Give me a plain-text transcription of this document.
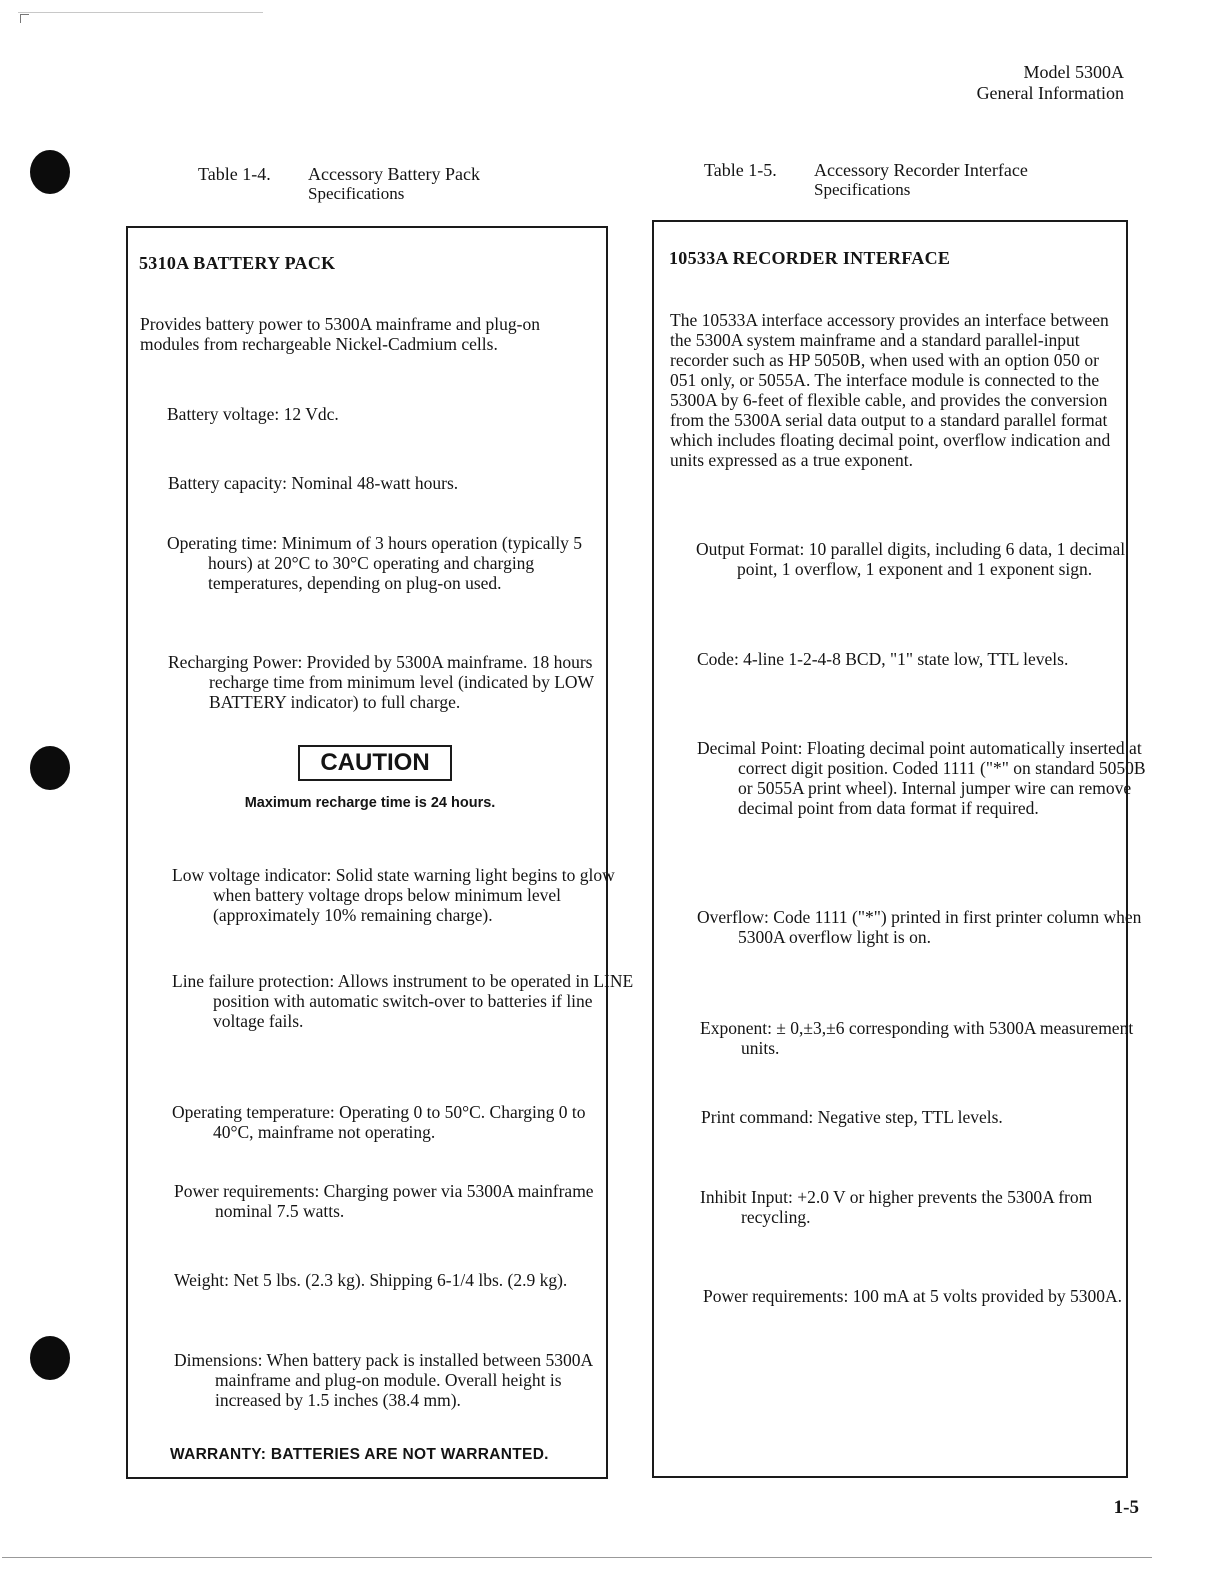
Model 5300A
General Information
Table 1-4. Accessory Battery Pack
Specifications
Table 1-5. Accessory Recorder Interface
Specifications
5310A BATTERY PACK
Provides battery power to 5300A mainframe and plug-on modules from rechargeable Nickel-Cadmium cells.
Battery voltage: 12 Vdc.
Battery capacity: Nominal 48-watt hours.
Operating time: Minimum of 3 hours operation (typically 5 hours) at 20°C to 30°C operating and charging temperatures, depending on plug-on used.
Recharging Power: Provided by 5300A mainframe. 18 hours recharge time from minimum level (indicated by LOW BATTERY indicator) to full charge.
CAUTION
Maximum recharge time is 24 hours.
Low voltage indicator: Solid state warning light begins to glow when battery voltage drops below minimum level (approximately 10% remaining charge).
Line failure protection: Allows instrument to be operated in LINE position with automatic switch-over to batteries if line voltage fails.
Operating temperature: Operating 0 to 50°C. Charging 0 to 40°C, mainframe not operating.
Power requirements: Charging power via 5300A mainframe nominal 7.5 watts.
Weight: Net 5 lbs. (2.3 kg). Shipping 6-1/4 lbs. (2.9 kg).
Dimensions: When battery pack is installed between 5300A mainframe and plug-on module. Overall height is increased by 1.5 inches (38.4 mm).
WARRANTY: BATTERIES ARE NOT WARRANTED.
10533A RECORDER INTERFACE
The 10533A interface accessory provides an interface between the 5300A system mainframe and a standard parallel-input recorder such as HP 5050B, when used with an option 050 or 051 only, or 5055A. The interface module is connected to the 5300A by 6-feet of flexible cable, and provides the conversion from the 5300A serial data output to a standard parallel format which includes floating decimal point, overflow indication and units expressed as a true exponent.
Output Format: 10 parallel digits, including 6 data, 1 decimal point, 1 overflow, 1 exponent and 1 exponent sign.
Code: 4-line 1-2-4-8 BCD, "1" state low, TTL levels.
Decimal Point: Floating decimal point automatically inserted at correct digit position. Coded 1111 ("*" on standard 5050B or 5055A print wheel). Internal jumper wire can remove decimal point from data format if required.
Overflow: Code 1111 ("*") printed in first printer column when 5300A overflow light is on.
Exponent: ± 0,±3,±6 corresponding with 5300A measurement units.
Print command: Negative step, TTL levels.
Inhibit Input: +2.0 V or higher prevents the 5300A from recycling.
Power requirements: 100 mA at 5 volts provided by 5300A.
1-5
